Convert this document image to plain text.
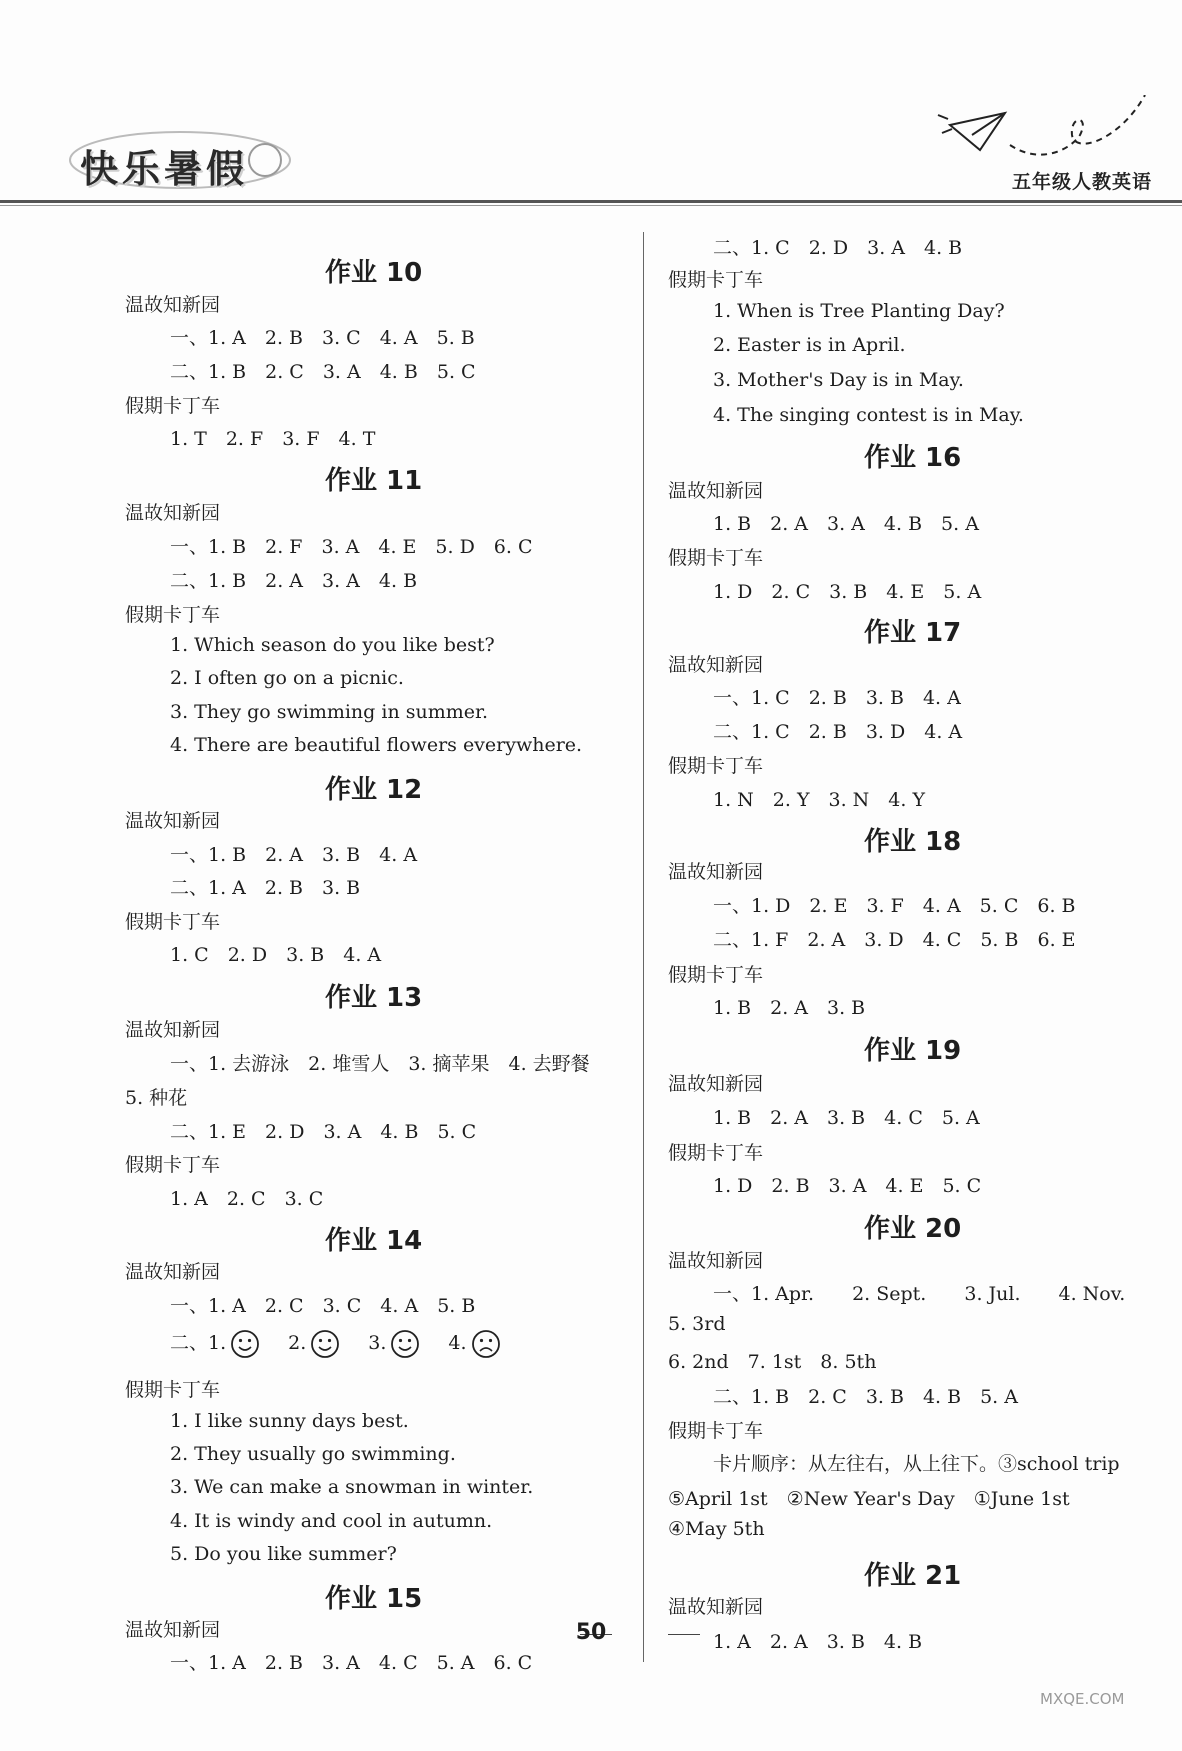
快乐暑假	五年级人教英语
作业 10
温故知新园
一、1. A　2. B　3. C　4. A　5. B
二、1. B　2. C　3. A　4. B　5. C
假期卡丁车
1. T　2. F　3. F　4. T
作业 11
温故知新园
一、1. B　2. F　3. A　4. E　5. D　6. C
二、1. B　2. A　3. A　4. B
假期卡丁车
1. Which season do you like best?
2. I often go on a picnic.
3. They go swimming in summer.
4. There are beautiful flowers everywhere.
作业 12
温故知新园
一、1. B　2. A　3. B　4. A
二、1. A　2. B　3. B
假期卡丁车
1. C　2. D　3. B　4. A
作业 13
温故知新园
一、1. 去游泳　2. 堆雪人　3. 摘苹果　4. 去野餐
5. 种花
二、1. E　2. D　3. A　4. B　5. C
假期卡丁车
1. A　2. C　3. C
作业 14
温故知新园
一、1. A　2. C　3. C　4. A　5. B
二、1.	2.	3.	4.
假期卡丁车
1. I like sunny days best.
2. They usually go swimming.
3. We can make a snowman in winter.
4. It is windy and cool in autumn.
5. Do you like summer?
作业 15
温故知新园
一、1. A　2. B　3. A　4. C　5. A　6. C
二、1. C　2. D　3. A　4. B
假期卡丁车
1. When is Tree Planting Day?
2. Easter is in April.
3. Mother's Day is in May.
4. The singing contest is in May.
作业 16
温故知新园
1. B　2. A　3. A　4. B　5. A
假期卡丁车
1. D　2. C　3. B　4. E　5. A
作业 17
温故知新园
一、1. C　2. B　3. B　4. A
二、1. C　2. B　3. D　4. A
假期卡丁车
1. N　2. Y　3. N　4. Y
作业 18
温故知新园
一、1. D　2. E　3. F　4. A　5. C　6. B
二、1. F　2. A　3. D　4. C　5. B　6. E
假期卡丁车
1. B　2. A　3. B
作业 19
温故知新园
1. B　2. A　3. B　4. C　5. A
假期卡丁车
1. D　2. B　3. A　4. E　5. C
作业 20
温故知新园
一、1. Apr.　　2. Sept.　　3. Jul.　　4. Nov.
5. 3rd
6. 2nd　7. 1st　8. 5th
二、1. B　2. C　3. B　4. B　5. A
假期卡丁车
卡片顺序：从左往右，从上往下。③school trip
⑤April 1st　②New Year's Day　①June 1st
④May 5th
作业 21
温故知新园
1. A　2. A　3. B　4. B
50
MXQE.COM
